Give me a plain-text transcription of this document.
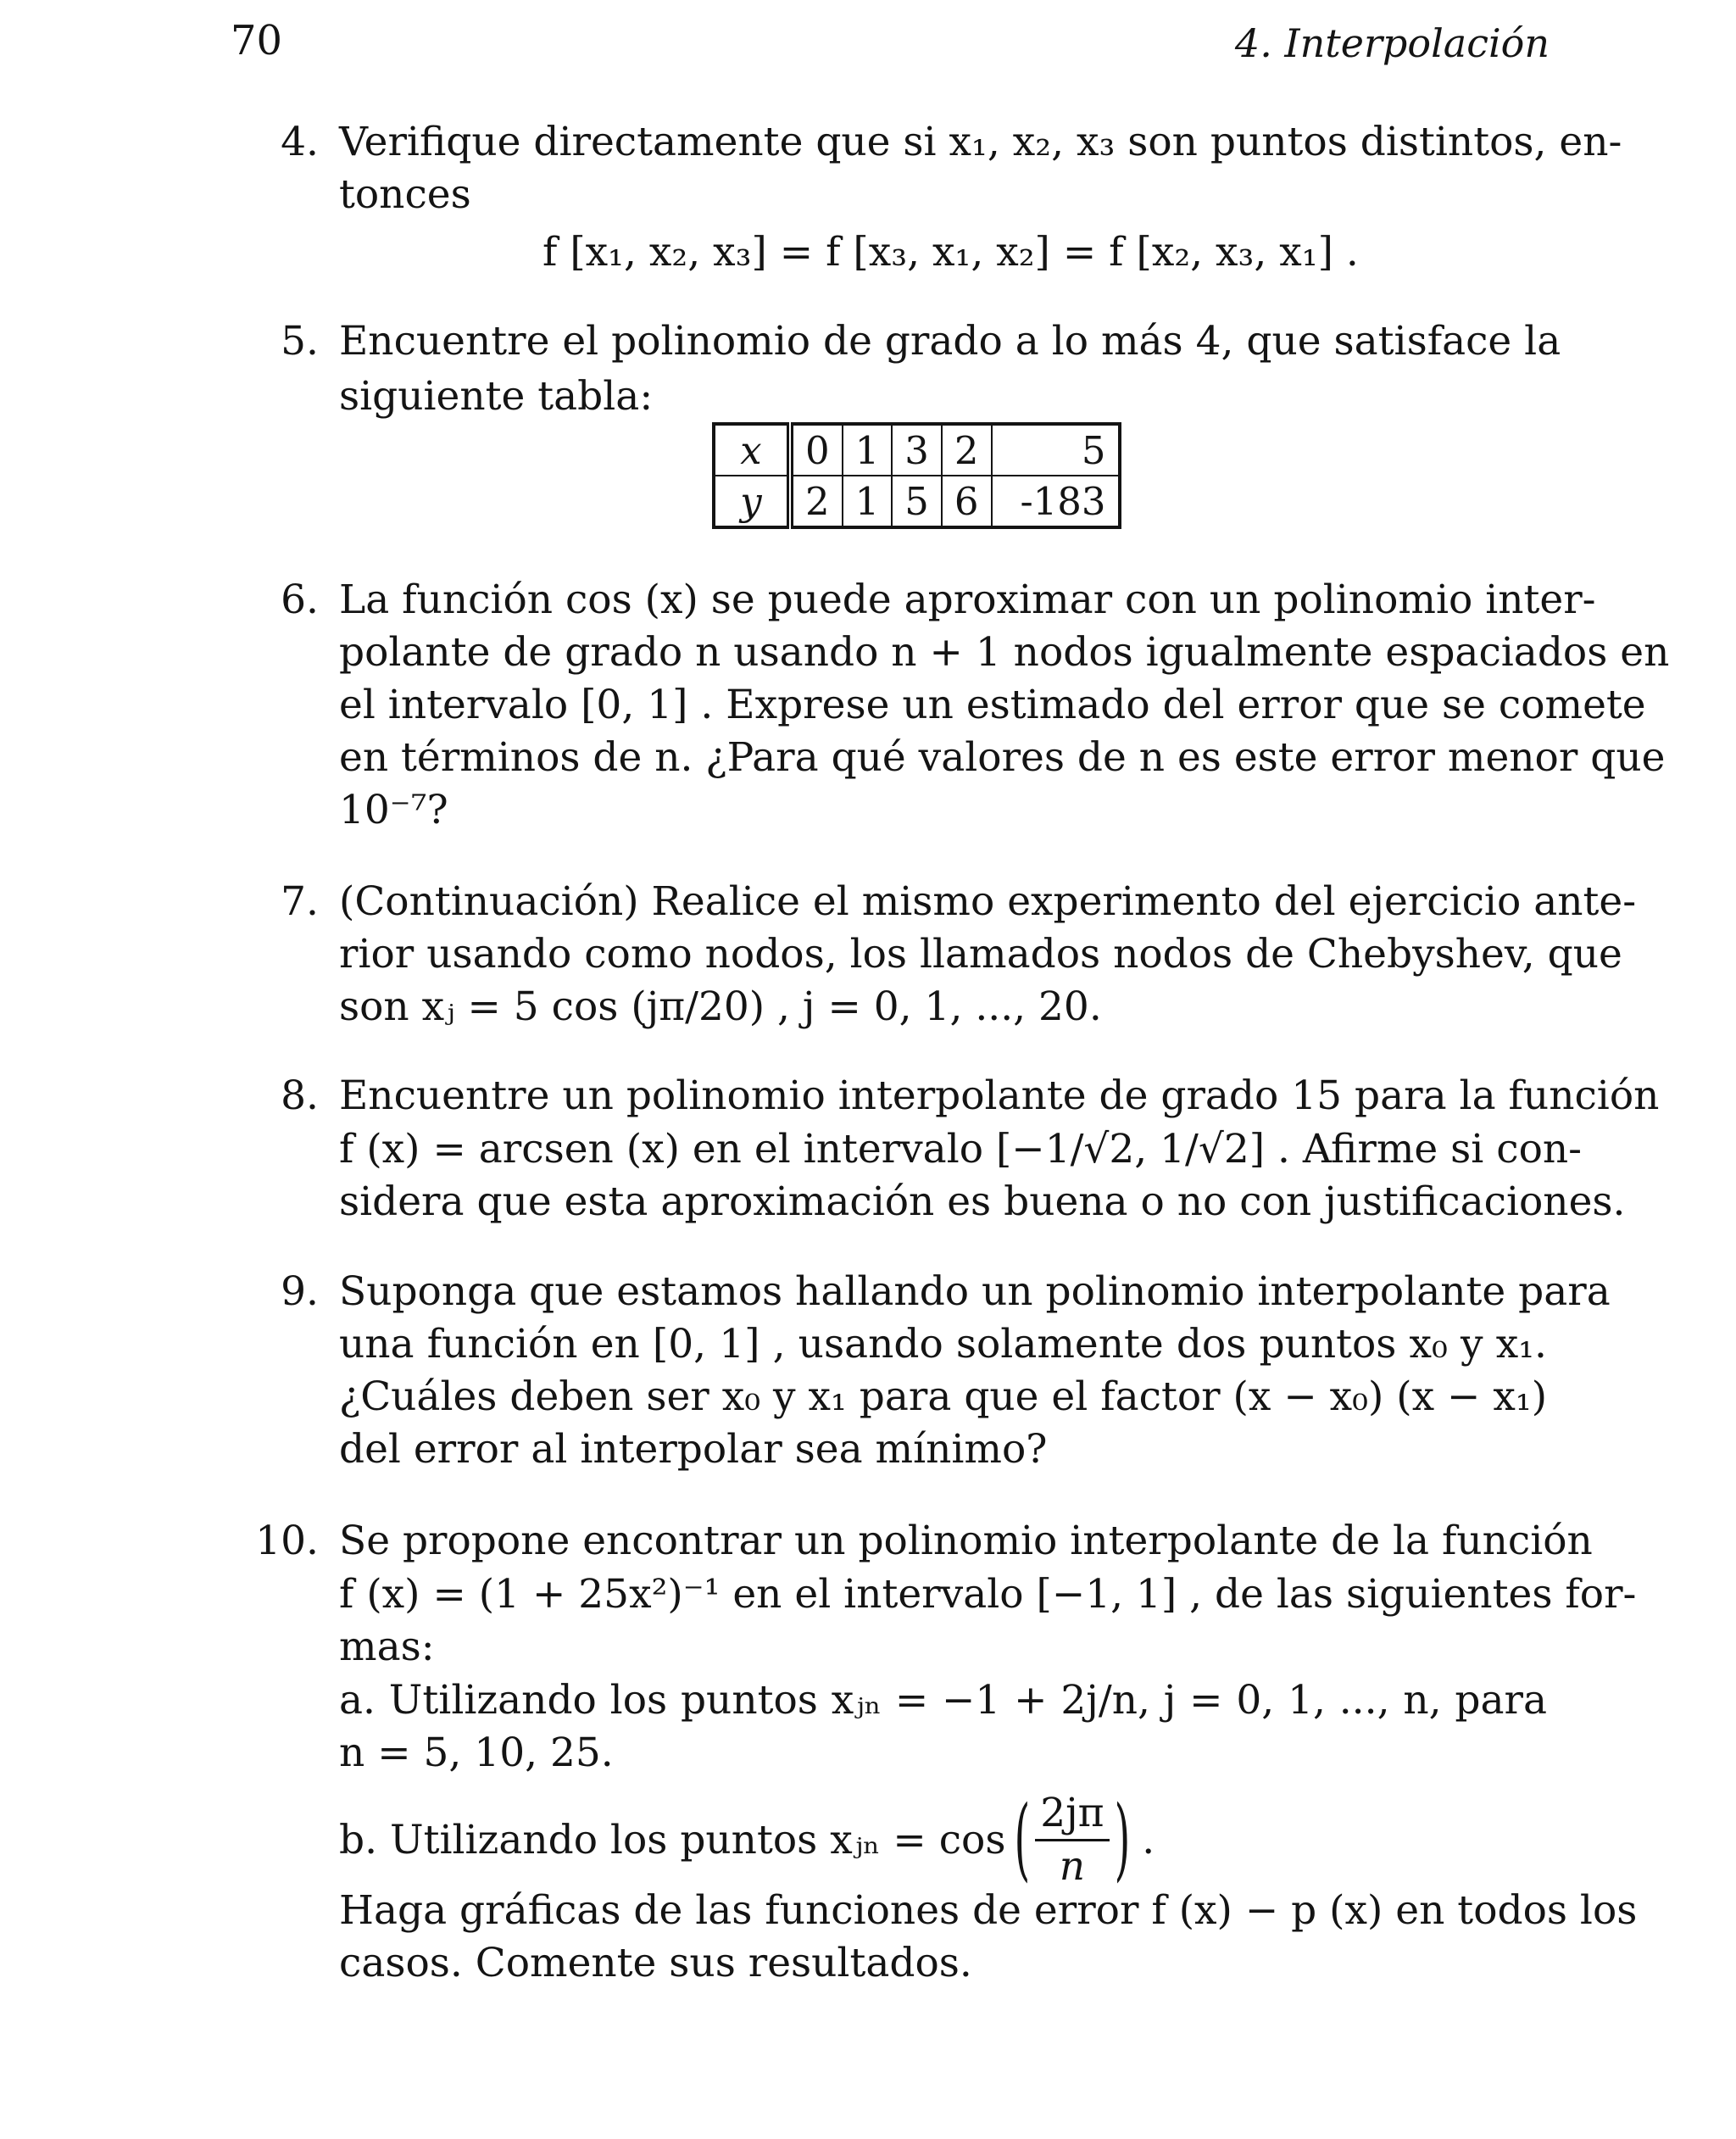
70	4. Interpolación
4. Verifique directamente que si x₁, x₂, x₃ son puntos distintos, en-
tonces
f [x₁, x₂, x₃] = f [x₃, x₁, x₂] = f [x₂, x₃, x₁] .
5. Encuentre el polinomio de grado a lo más 4, que satisface la
siguiente tabla:
x	0	1	3	2	5
y	2	1	5	6	-183
6. La función cos (x) se puede aproximar con un polinomio inter-
polante de grado n usando n + 1 nodos igualmente espaciados en
el intervalo [0, 1] . Exprese un estimado del error que se comete
en términos de n. ¿Para qué valores de n es este error menor que
10⁻⁷?
7. (Continuación) Realice el mismo experimento del ejercicio ante-
rior usando como nodos, los llamados nodos de Chebyshev, que
son xⱼ = 5 cos (jπ/20) , j = 0, 1, ..., 20.
8. Encuentre un polinomio interpolante de grado 15 para la función
f (x) = arcsen (x) en el intervalo [−1/√2, 1/√2] . Afirme si con-
sidera que esta aproximación es buena o no con justificaciones.
9. Suponga que estamos hallando un polinomio interpolante para
una función en [0, 1] , usando solamente dos puntos x₀ y x₁.
¿Cuáles deben ser x₀ y x₁ para que el factor (x − x₀) (x − x₁)
del error al interpolar sea mínimo?
10. Se propone encontrar un polinomio interpolante de la función
f (x) = (1 + 25x²)⁻¹ en el intervalo [−1, 1] , de las siguientes for-
mas:
a. Utilizando los puntos xⱼₙ = −1 + 2j/n, j = 0, 1, ..., n, para
n = 5, 10, 25.
b. Utilizando los puntos xⱼₙ = cos ( $\frac{2j\pi}{n}$ ) .
Haga gráficas de las funciones de error f (x) − p (x) en todos los
casos. Comente sus resultados.
